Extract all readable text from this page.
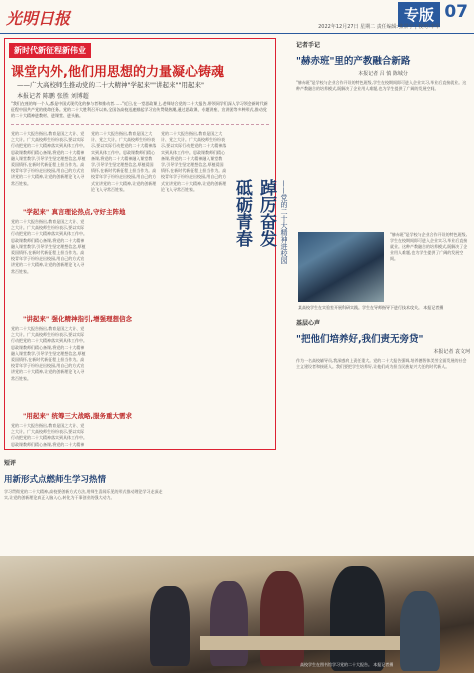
光明日报	专版 07
2022年12月27日 星期二 责任编辑:张景宇 | 校对:李军
新时代新征程新伟业
课堂内外,他们用思想的力量凝心铸魂
——广大高校师生推动党的二十大精神"学起来""讲起来""用起来"
本报记者 陈鹏 张胜 刘博超
"我们在座的每一个人,都是中国式现代化的参与者和推动者……"近日,在一堂思政课上,老师结合党的二十大报告,带领同学们深入学习领会新时代新征程中国共产党的使命任务。党的二十大胜利召开以来,全国各高校迅速掀起学习宣传贯彻热潮,通过思政课、专题讲座、宣讲团等多种形式,推动党的二十大精神进教材、进课堂、进头脑。
党的二十大报告指出,教育是国之大计、党之大计。广大高校师生纷纷表示,要以实际行动把党的二十大精神落实到具体工作中。思政课教师们精心备课,将党的二十大精神融入课堂教学,引导学生坚定理想信念,厚植爱国情怀,在新时代新征程上担当作为。高校青年学子纷纷走出校园,用自己的方式宣讲党的二十大精神,让党的创新理论飞入寻常百姓家。
"学起来" 真言理论热点,守好主阵地
党的二十大报告指出,教育是国之大计、党之大计。广大高校师生纷纷表示,要以实际行动把党的二十大精神落实到具体工作中。思政课教师们精心备课,将党的二十大精神融入课堂教学,引导学生坚定理想信念,厚植爱国情怀,在新时代新征程上担当作为。高校青年学子纷纷走出校园,用自己的方式宣讲党的二十大精神,让党的创新理论飞入寻常百姓家。
"讲起来" 强化精神指引,增强理想信念
党的二十大报告指出,教育是国之大计、党之大计。广大高校师生纷纷表示,要以实际行动把党的二十大精神落实到具体工作中。思政课教师们精心备课,将党的二十大精神融入课堂教学,引导学生坚定理想信念,厚植爱国情怀,在新时代新征程上担当作为。高校青年学子纷纷走出校园,用自己的方式宣讲党的二十大精神,让党的创新理论飞入寻常百姓家。
"用起来" 统筹三大战略,服务重大需求
党的二十大报告指出,教育是国之大计、党之大计。广大高校师生纷纷表示,要以实际行动把党的二十大精神落实到具体工作中。思政课教师们精心备课,将党的二十大精神
党的二十大报告指出,教育是国之大计、党之大计。广大高校师生纷纷表示,要以实际行动把党的二十大精神落实到具体工作中。思政课教师们精心备课,将党的二十大精神融入课堂教学,引导学生坚定理想信念,厚植爱国情怀,在新时代新征程上担当作为。高校青年学子纷纷走出校园,用自己的方式宣讲党的二十大精神,让党的创新理论飞入寻常百姓家。
党的二十大报告指出,教育是国之大计、党之大计。广大高校师生纷纷表示,要以实际行动把党的二十大精神落实到具体工作中。思政课教师们精心备课,将党的二十大精神融入课堂教学,引导学生坚定理想信念,厚植爱国情怀,在新时代新征程上担当作为。高校青年学子纷纷走出校园,用自己的方式宣讲党的二十大精神,让党的创新理论飞入寻常百姓家。	砥砺青春 踔厉奋发 ——党的二十大精神进校园
记者手记
"赫赤班"里的产教融合新路
本报记者 吕 慎 陈城分
"赫赤班"是学校与企业合作开设的特色班级,学生在校期间即可进入企业实习,毕业后直接就业。这种产教融合的培养模式,既解决了企业用人难题,也为学生提供了广阔的发展空间。
"赫赤班"是学校与企业合作开设的特色班级,学生在校期间即可进入企业实习,毕业后直接就业。这种产教融合的培养模式,既解决了企业用人难题,也为学生提供了广阔的发展空间。
某高校学生在实验室开展科研实践。学生在导师指导下进行技术攻关。 本报记者摄
基层心声
"把他们培养好,我们责无旁贷"
本报记者 袁文珂
作为一名高校辅导员,我深感肩上责任重大。党的二十大报告强调,培养德智体美劳全面发展的社会主义建设者和接班人。我们要把学生培养好,让他们成为担当民族复兴大任的时代新人。
短评
用新形式点燃师生学习热情
学习贯彻党的二十大精神,高校要创新方式方法,用师生喜闻乐见的形式推动理论学习走深走实,让党的创新理论真正入脑入心,转化为干事创业的强大动力。
高校学生在图书馆学习党的二十大报告。 本报记者摄
